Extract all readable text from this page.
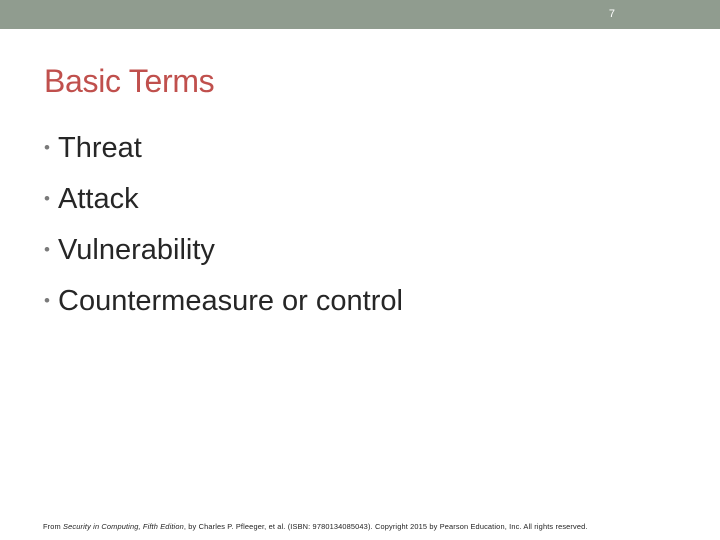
7
Basic Terms
• Threat
• Attack
• Vulnerability
• Countermeasure or control
From Security in Computing, Fifth Edition, by Charles P. Pfleeger, et al. (ISBN: 9780134085043). Copyright 2015 by Pearson Education, Inc. All rights reserved.
